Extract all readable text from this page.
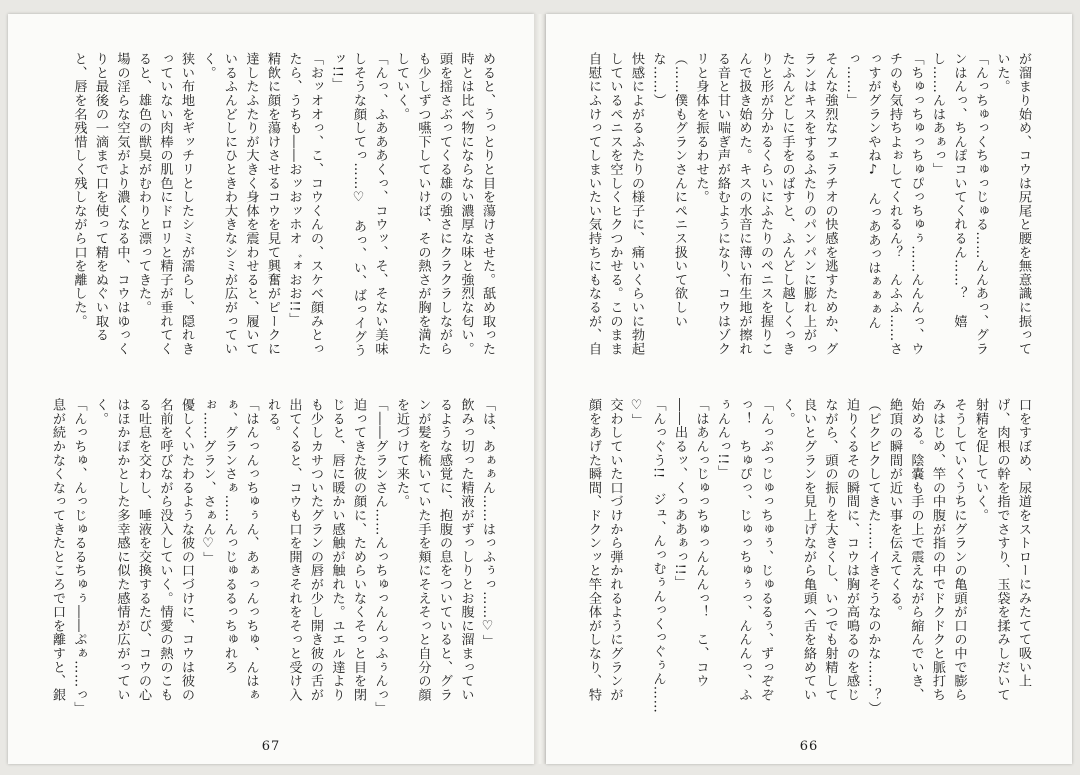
めると、うっとりと目を蕩けさせた。舐め取った時とは比べ物にならない濃厚な味と強烈な匂い。頭を揺さぶってくる雄の強さにクラクラしながらも少しずつ嚥下していけば、その熱さが胸を満たしていく。
「んっ、ふあああくっ、コウッ、そ、そない美味しそうな顔してっ……♡　あっ、い、ばっイグうッ!!」
「おッオオっ、こ、コウくんの、スケベ顔みとったら、うちも――おッおッホオ゛ォおお!!」
精飲に顔を蕩けさせるコウを見て興奮がピークに達したふたりが大きく身体を震わせると、履いているふんどしにひときわ大きなシミが広がっていく。
狭い布地をギッチリとしたシミが濡らし、隠れきっていない肉棒の肌色にドロリと精子が垂れてくると、雄色の獣臭がむわりと漂ってきた。
場の淫らな空気がより濃くなる中、コウはゆっくりと最後の一滴まで口を使って精をぬぐい取ると、唇を名残惜しく残しながら口を離した。
「は、あぁぁん……はっふぅっ……♡」
飲みっ切った精液がずっしりとお腹に溜まっているような感覚に、抱腹の息をついていると、グランが髪を梳いていた手を頬にそえそっと自分の顔を近づけて来た。
「――グランさん……んっちゅっんんっふぅんっ」
迫ってきた彼の顔に、ためらいなくそっと目を閉じると、唇に暖かい感触が触れた。ユエル達よりも少しカサついたグランの唇が少し開き彼の舌が出てくると、コウも口を開きそれをそっと受け入れる。
「はんっんっちゅぅん、あぁっんっちゅ、んはぁぁ、グランさぁ……んっじゅるるっちゅれろぉ……グラン、さぁん♡」
優しくいたわるような彼の口づけに、コウは彼の名前を呼びながら没入していく。情愛の熱のこもる吐息を交わし、唾液を交換するたび、コウの心はほかぽかとした多幸感に似た感情が広がっていく。
「んっちゅ、んっじゅるるちゅぅ――ぷぁ……っ」
息が続かなくなってきたところで口を離すと、銀
67
が溜まり始め、コウは尻尾と腰を無意識に振っていた。
「んっちゅっくちゅっじゅる……んんあっ、グランはんっ、ちんぽコいてくれるん……？　嬉し……んはあぁっ」
「ちゅっちゅっちゅぴっちゅぅ……んんんっ、ウチのも気持ちよぉしてくれるん？　んふふ……さっすがグランやね♪　んっああっはぁぁぁんっ……」
そんな強烈なフェラチオの快感を逃すためか、グランはキスをするふたりのパンパンに膨れ上がったふんどしに手をのばすと、ふんどし越しくっきりと形が分かるくらいにふたりのペニスを握りこんで扱き始めた。キスの水音に薄い布生地が擦れる音と甘い喘ぎ声が絡むようになり、コウはゾクリと身体を振るわせた。
（……僕もグランさんにペニス扱いて欲しいな……）
快感によがるふたりの様子に、痛いくらいに勃起しているペニスを空しくヒクつかせる。このまま自慰にふけってしまいたい気持ちにもなるが、自
口をすぼめ、尿道をストローにみたてて吸い上げ、肉根の幹を指でさすり、玉袋を揉みしだいて射精を促していく。
そうしていくうちにグランの亀頭が口の中で膨らみはじめ、竿の中腹が指の中でドクドクと脈打ち始める。陰嚢も手の上で震えながら縮んでいき、絶頂の瞬間が近い事を伝えてくる。
（ピクピクしてきた……イきそうなのかな……？）
迫りくるその瞬間に、コウは胸が高鳴るのを感じながら、頭の振りを大きくし、いつでも射精して良いとグランを見上げながら亀頭へ舌を絡めていく。
「んっぷっじゅっちゅぅ、じゅるるぅ、ずっぞぞっ！　ちゅぴっ、じゅっちゅぅっ、んんんっ、ふぅんんっ!!」
「はあんっじゅっちゅっんんんっ！　こ、コウ――出るッ、くっああぁっ!!」
「んっぐう!!　ジュ、んっむぅんっくっぐぅん……♡」
交わしていた口づけから弾かれるようにグランが顔をあげた瞬間、ドクンッと竿全体がしなり、特
66
